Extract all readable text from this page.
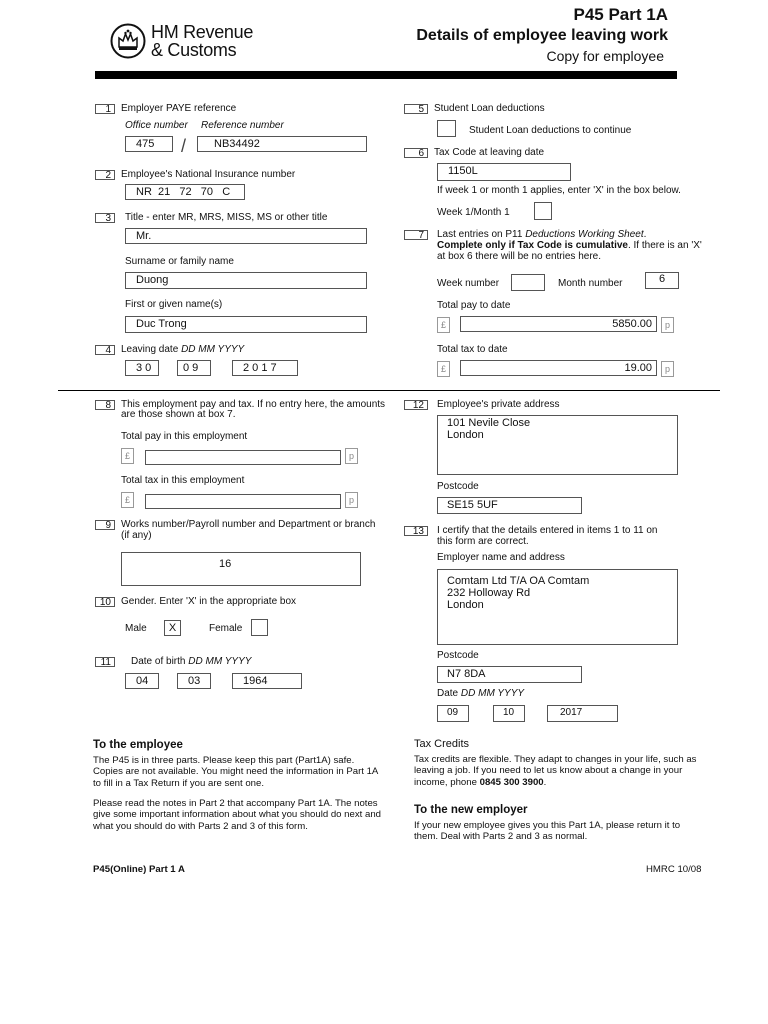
HM Revenue
& Customs
P45 Part 1A
Details of employee leaving work
Copy for employee
1	Employer PAYE reference
Office number Reference number
475	/	NB34492
2	Employee's National Insurance number
NR  21   72   70   C
3	Title - enter MR, MRS, MISS, MS or other title
Mr.
Surname or family name
Duong
First or given name(s)
Duc Trong
4	Leaving date DD MM YYYY
3 0	0 9	2 0 1 7
8	This employment pay and tax. If no entry here, the amounts
are those shown at box 7.
Total pay in this employment
£	p
Total tax in this employment
£	p
9	Works number/Payroll number and Department or branch
(if any)
16
10	Gender. Enter 'X' in the appropriate box
Male	X	Female
11	Date of birth DD MM YYYY
04	03	1964
5	Student Loan deductions
Student Loan deductions to continue
6	Tax Code at leaving date
1150L
If week 1 or month 1 applies, enter 'X' in the box below.
Week 1/Month 1
7	Last entries on P11 Deductions Working Sheet.
Complete only if Tax Code is cumulative. If there is an 'X'
at box 6 there will be no entries here.
Week number	Month number	6
Total pay to date
£	5850.00	p
Total tax to date
£	19.00	p
12	Employee's private address
101 Nevile Close
London
Postcode
SE15 5UF
13	I certify that the details entered in items 1 to 11 on
this form are correct.
Employer name and address
Comtam Ltd T/A OA Comtam
232 Holloway Rd
London
Postcode
N7 8DA
Date DD MM YYYY
09	10	2017
To the employee
The P45 is in three parts. Please keep this part (Part1A) safe. Copies are not available. You might need the information in Part 1A to fill in a Tax Return if you are sent one.
Please read the notes in Part 2 that accompany Part 1A. The notes give some important information about what you should do next and what you should do with Parts 2 and 3 of this form.
Tax Credits
Tax credits are flexible. They adapt to changes in your life, such as leaving a job. If you need to let us know about a change in your income, phone 0845 300 3900.
To the new employer
If your new employee gives you this Part 1A, please return it to them. Deal with Parts 2 and 3 as normal.
P45(Online) Part 1 A	HMRC 10/08
